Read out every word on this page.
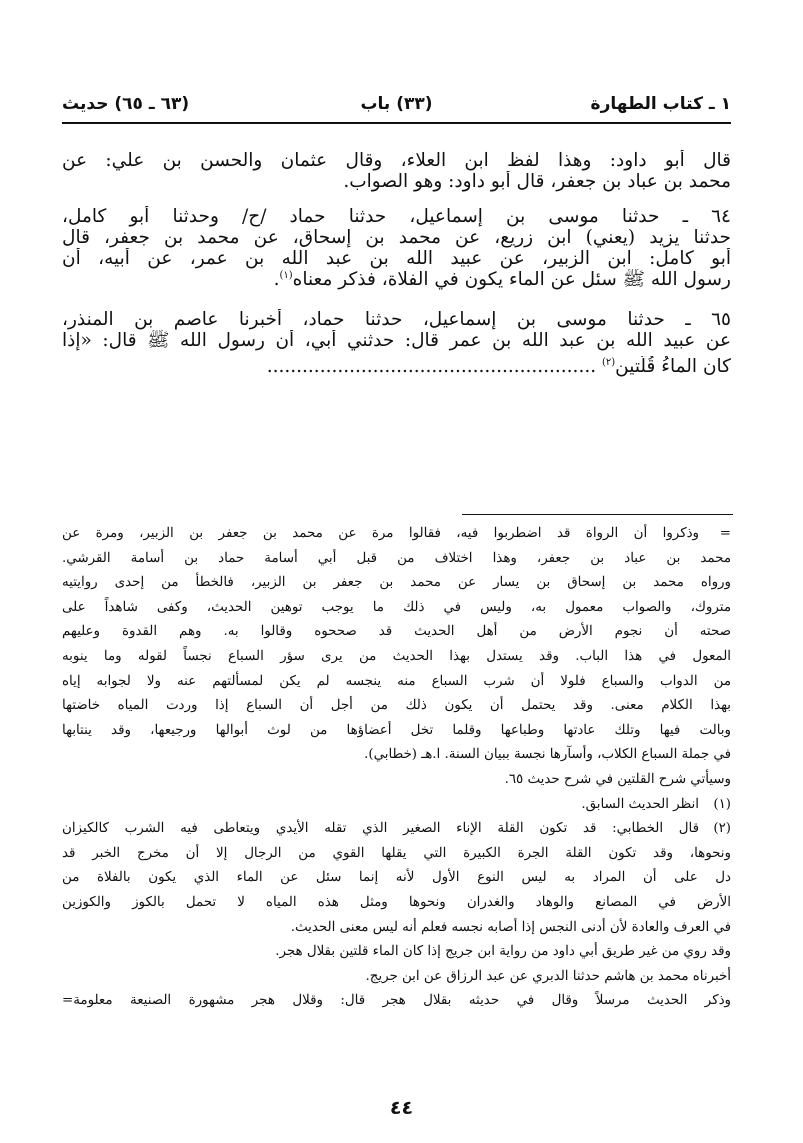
١ ـ كتاب الطهارة
(٣٣) باب
(٦٣ ـ ٦٥) حديث
قال أبو داود: وهذا لفظ ابن العلاء، وقال عثمان والحسن بن علي: عن
محمد بن عباد بن جعفر، قال أبو داود: وهو الصواب.
٦٤ ـ حدثنا موسى بن إسماعيل، حدثنا حماد /ح/ وحدثنا أبو كامل،
حدثنا يزيد (يعني) ابن زريع، عن محمد بن إسحاق، عن محمد بن جعفر، قال
أبو كامل: ابن الزبير، عن عبيد الله بن عبد الله بن عمر، عن أبيه، أن
رسول الله ﷺ سئل عن الماء يكون في الفلاة، فذكر معناه$^{(١)}$.
٦٥ ـ حدثنا موسى بن إسماعيل، حدثنا حماد، أخبرنا عاصم بن المنذر،
عن عبيد الله بن عبد الله بن عمر قال: حدثني أبي، أن رسول الله ﷺ قال: «إذا
كان الماءُ قُلَّتين$^{(٢)}$ ........................................................
=
وذكروا أن الرواة قد اضطربوا فيه، فقالوا مرة عن محمد بن جعفر بن الزبير، ومرة عن
محمد بن عباد بن جعفر، وهذا اختلاف من قبل أبي أسامة حماد بن أسامة القرشي.
ورواه محمد بن إسحاق بن يسار عن محمد بن جعفر بن الزبير، فالخطأ من إحدى روايتيه
متروك، والصواب معمول به، وليس في ذلك ما يوجب توهين الحديث، وكفى شاهداً على
صحته أن نجوم الأرض من أهل الحديث قد صححوه وقالوا به. وهم القدوة وعليهم
المعول في هذا الباب. وقد يستدل بهذا الحديث من يرى سؤر السباع نجساً لقوله وما ينوبه
من الدواب والسباع فلولا أن شرب السباع منه ينجسه لم يكن لمسألتهم عنه ولا لجوابه إياه
بهذا الكلام معنى. وقد يحتمل أن يكون ذلك من أجل أن السباع إذا وردت المياه خاضتها
وبالت فيها وتلك عادتها وطباعها وقلما تخل أعضاؤها من لوث أبوالها ورجيعها، وقد ينتابها
في جملة السباع الكلاب، وأسآرها نجسة ببيان السنة. ا.هـ (خطابي).
وسيأتي شرح القلتين في شرح حديث ٦٥.
(١)
انظر الحديث السابق.
(٢)
قال الخطابي: قد تكون القلة الإناء الصغير الذي تقله الأيدي ويتعاطى فيه الشرب كالكيزان
ونحوها، وقد تكون القلة الجرة الكبيرة التي يقلها القوي من الرجال إلا أن مخرج الخبر قد
دل على أن المراد به ليس النوع الأول لأنه إنما سئل عن الماء الذي يكون بالفلاة من
الأرض في المصانع والوهاد والغدران ونحوها ومثل هذه المياه لا تحمل بالكوز والكوزين
في العرف والعادة لأن أدنى النجس إذا أصابه نجسه فعلم أنه ليس معنى الحديث.
وقد روي من غير طريق أبي داود من رواية ابن جريج إذا كان الماء قلتين بقلال هجر.
أخبرناه محمد بن هاشم حدثنا الدبري عن عبد الرزاق عن ابن جريج.
وذكر الحديث مرسلاً وقال في حديثه بقلال هجر قال: وقلال هجر مشهورة الصنيعة معلومة=
٤٤
